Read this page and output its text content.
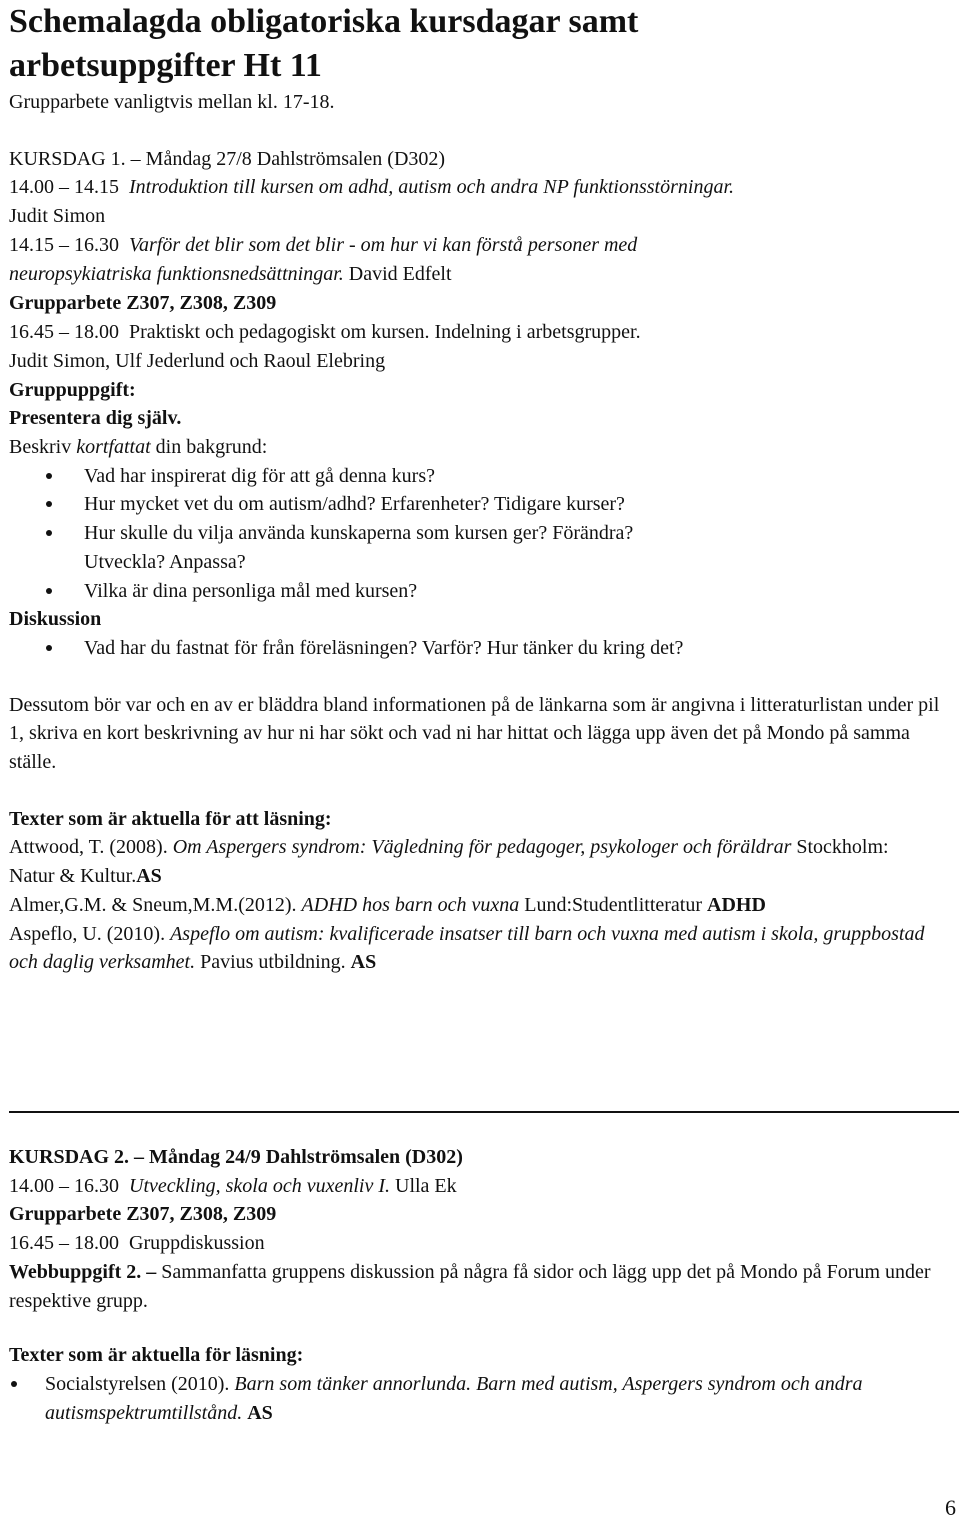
Schemalagda obligatoriska kursdagar samt
arbetsuppgifter Ht 11

Grupparbete vanligtvis mellan kl. 17-18.

KURSDAG 1. – Måndag 27/8 Dahlströmsalen (D302)

14.00 – 14.15 Introduktion till kursen om adhd, autism och andra NP funktionsstörningar.

Judit Simon

14.15 – 16.30 Varför det blir som det blir - om hur vi kan förstå personer med

neuropsykiatriska funktionsnedsättningar. David Edfelt

Grupparbete Z307, Z308, Z309

16.45 – 18.00 Praktiskt och pedagogiskt om kursen. Indelning i arbetsgrupper.

Judit Simon, Ulf Jederlund och Raoul Elebring

Gruppuppgift:

Presentera dig själv.

Beskriv kortfattat din bakgrund:

Vad har inspirerat dig för att gå denna kurs?
Hur mycket vet du om autism/adhd? Erfarenheter? Tidigare kurser?
Hur skulle du vilja använda kunskaperna som kursen ger? Förändra? Utveckla? Anpassa?
Vilka är dina personliga mål med kursen?

Diskussion

Vad har du fastnat för från föreläsningen? Varför? Hur tänker du kring det?

Dessutom bör var och en av er bläddra bland informationen på de länkarna som är angivna i litteraturlistan under pil 1, skriva en kort beskrivning av hur ni har sökt och vad ni har hittat och lägga upp även det på Mondo på samma ställe.

Texter som är aktuella för att läsning:

Attwood, T. (2008). Om Aspergers syndrom: Vägledning för pedagoger, psykologer och föräldrar Stockholm: Natur & Kultur.AS

Almer,G.M. & Sneum,M.M.(2012). ADHD hos barn och vuxna Lund:Studentlitteratur ADHD

Aspeflo, U. (2010). Aspeflo om autism: kvalificerade insatser till barn och vuxna med autism i skola, gruppbostad och daglig verksamhet. Pavius utbildning. AS

KURSDAG 2. – Måndag 24/9 Dahlströmsalen (D302)

14.00 – 16.30 Utveckling, skola och vuxenliv I. Ulla Ek

Grupparbete Z307, Z308, Z309

16.45 – 18.00 Gruppdiskussion

Webbuppgift 2. – Sammanfatta gruppens diskussion på några få sidor och lägg upp det på Mondo på Forum under respektive grupp.

Texter som är aktuella för läsning:

Socialstyrelsen (2010). Barn som tänker annorlunda. Barn med autism, Aspergers syndrom och andra autismspektrumtillstånd. AS
6
